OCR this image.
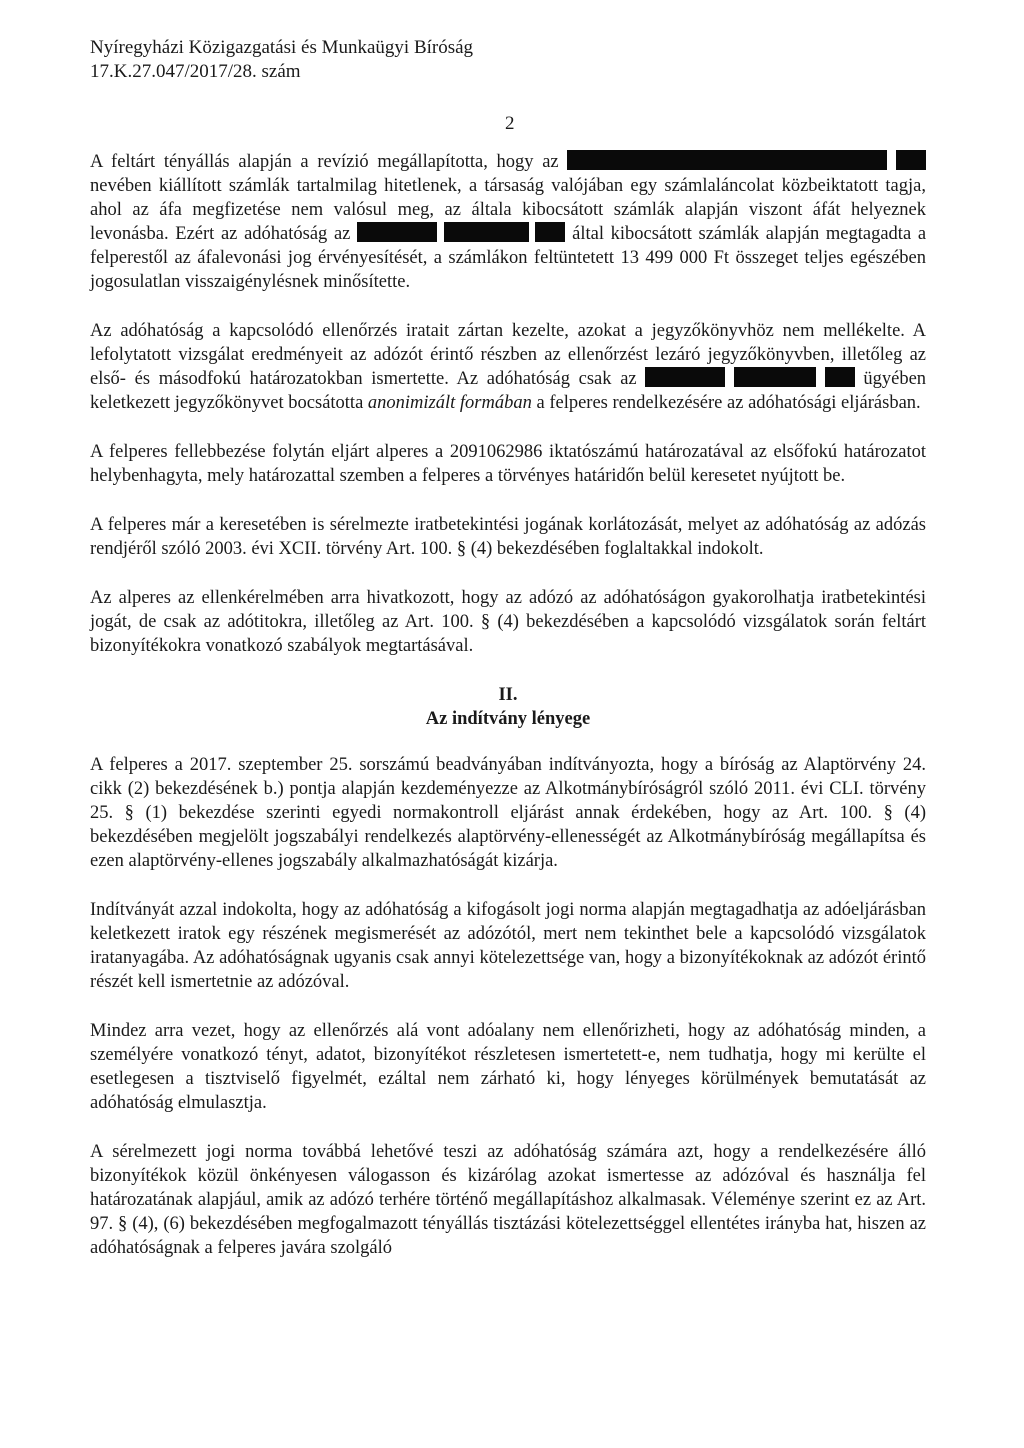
Nyíregyházi Közigazgatási és Munkaügyi Bíróság
17.K.27.047/2017/28. szám
2

A feltárt tényállás alapján a revízió megállapította, hogy az   nevében kiállított számlák tartalmilag hitetlenek, a társaság valójában egy számlaláncolat közbeiktatott tagja, ahol az áfa megfizetése nem valósul meg, az általa kibocsátott számlák alapján viszont áfát helyeznek levonásba. Ezért az adóhatóság az	által kibocsátott számlák alapján megtagadta a felperestől az áfalevonási jog érvényesítését, a számlákon feltüntetett 13 499 000 Ft összeget teljes egészében jogosulatlan visszaigénylésnek minősítette.

Az adóhatóság a kapcsolódó ellenőrzés iratait zártan kezelte, azokat a jegyzőkönyvhöz nem mellékelte. A lefolytatott vizsgálat eredményeit az adózót érintő részben az ellenőrzést lezáró jegyzőkönyvben, illetőleg az első- és másodfokú határozatokban ismertette. Az adóhatóság csak az	ügyében keletkezett jegyzőkönyvet bocsátotta anonimizált formában a felperes rendelkezésére az adóhatósági eljárásban.

A felperes fellebbezése folytán eljárt alperes a 2091062986 iktatószámú határozatával az elsőfokú határozatot helybenhagyta, mely határozattal szemben a felperes a törvényes határidőn belül keresetet nyújtott be.

A felperes már a keresetében is sérelmezte iratbetekintési jogának korlátozását, melyet az adóhatóság az adózás rendjéről szóló 2003. évi XCII. törvény Art. 100. § (4) bekezdésében foglaltakkal indokolt.

Az alperes az ellenkérelmében arra hivatkozott, hogy az adózó az adóhatóságon gyakorolhatja iratbetekintési jogát, de csak az adótitokra, illetőleg az Art. 100. § (4) bekezdésében a kapcsolódó vizsgálatok során feltárt bizonyítékokra vonatkozó szabályok megtartásával.

II.
Az indítvány lényege

A felperes a 2017. szeptember 25. sorszámú beadványában indítványozta, hogy a bíróság az Alaptörvény 24. cikk (2) bekezdésének b.) pontja alapján kezdeményezze az Alkotmánybíróságról szóló 2011. évi CLI. törvény 25. § (1) bekezdése szerinti egyedi normakontroll eljárást annak érdekében, hogy az Art. 100. § (4) bekezdésében megjelölt jogszabályi rendelkezés alaptörvény-ellenességét az Alkotmánybíróság megállapítsa és ezen alaptörvény-ellenes jogszabály alkalmazhatóságát kizárja.

Indítványát azzal indokolta, hogy az adóhatóság a kifogásolt jogi norma alapján megtagadhatja az adóeljárásban keletkezett iratok egy részének megismerését az adózótól, mert nem tekinthet bele a kapcsolódó vizsgálatok iratanyagába. Az adóhatóságnak ugyanis csak annyi kötelezettsége van, hogy a bizonyítékoknak az adózót érintő részét kell ismertetnie az adózóval.

Mindez arra vezet, hogy az ellenőrzés alá vont adóalany nem ellenőrizheti, hogy az adóhatóság minden, a személyére vonatkozó tényt, adatot, bizonyítékot részletesen ismertetett-e, nem tudhatja, hogy mi kerülte el esetlegesen a tisztviselő figyelmét, ezáltal nem zárható ki, hogy lényeges körülmények bemutatását az adóhatóság elmulasztja.

A sérelmezett jogi norma továbbá lehetővé teszi az adóhatóság számára azt, hogy a rendelkezésére álló bizonyítékok közül önkényesen válogasson és kizárólag azokat ismertesse az adózóval és használja fel határozatának alapjául, amik az adózó terhére történő megállapításhoz alkalmasak. Véleménye szerint ez az Art. 97. § (4), (6) bekezdésében megfogalmazott tényállás tisztázási kötelezettséggel ellentétes irányba hat, hiszen az adóhatóságnak a felperes javára szolgáló
